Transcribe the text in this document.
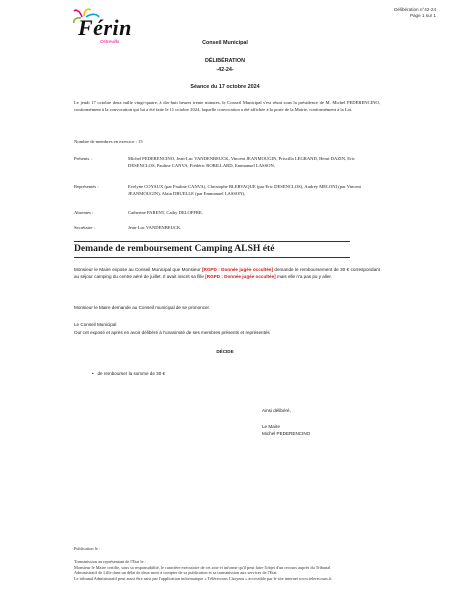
Délibération n°42-24
Page 1 sur 1
Férin
Ostrevillo	Conseil Municipal
DÉLIBÉRATION
-42-24-
Séance du 17 octobre 2024
Le jeudi 17 octobre deux mille vingt-quatre, à dix-huit heures trente minutes, le Conseil Municipal s'est réuni sous la présidence de M. Michel PEDERENCINO, conformément à la convocation qui lui a été faite le 11 octobre 2024, laquelle convocation a été affichée à la porte de la Mairie, conformément à la Loi.
Nombre de membres en exercice : 15
Présents :	Michel PEDERENCINO, Jean-Luc VANDENBEUCK, Vincent JEANMOUGIN, Priscilla LEGRAND, Henri DAZIN, Eric DESENCLOS, Pauline CANVA, Frédéric ROBILLARD, Emmanuel LASSON,
Représentés :	Evelyne COYAUX (par Pauline CANVA), Christophe BLERVAQUE (par Eric DESENCLOS), Audrey MELONI (par Vincent JEANMOUGIN), Alain DRUELLE (par Emmanuel LASSON),
Absentes :	Catherine PARENT, Cathy DELOFFRE,
Secrétaire :	Jean-Luc VANDENBEUCK.
Demande de remboursement Camping ALSH été
Monsieur le Maire expose au Conseil Municipal que Monsieur [RGPD : Donnée jugée occultée] demande le remboursement de 30 € correspondant au séjour camping du centre aéré de juillet. Il avait inscrit sa fille [RGPD : Donnée jugée occultée] mais elle n'a pas pu y aller.
Monsieur le Maire demande au Conseil municipal de se prononcer.
Le Conseil Municipal
Ouï cet exposé et après en avoir délibéré à l'unanimité de ses membres présents et représentés
DÉCIDE
•   de rembourser la somme de 30 €
Ainsi délibéré,
Le Maire
Michel PEDERENCINO
Publication le :
Transmission au représentant de l'Etat le :
Monsieur le Maire certifie, sous sa responsabilité, le caractère exécutoire de cet acte et informe qu'il peut faire l'objet d'un recours auprès du Tribunal
Administratif de Lille dans un délai de deux mois à compter de sa publication et sa transmission aux services de l'Etat.
Le tribunal Administratif peut aussi être saisi par l'application informatique « Télérecours Citoyens » accessible par le site internet www.telerecours.fr
